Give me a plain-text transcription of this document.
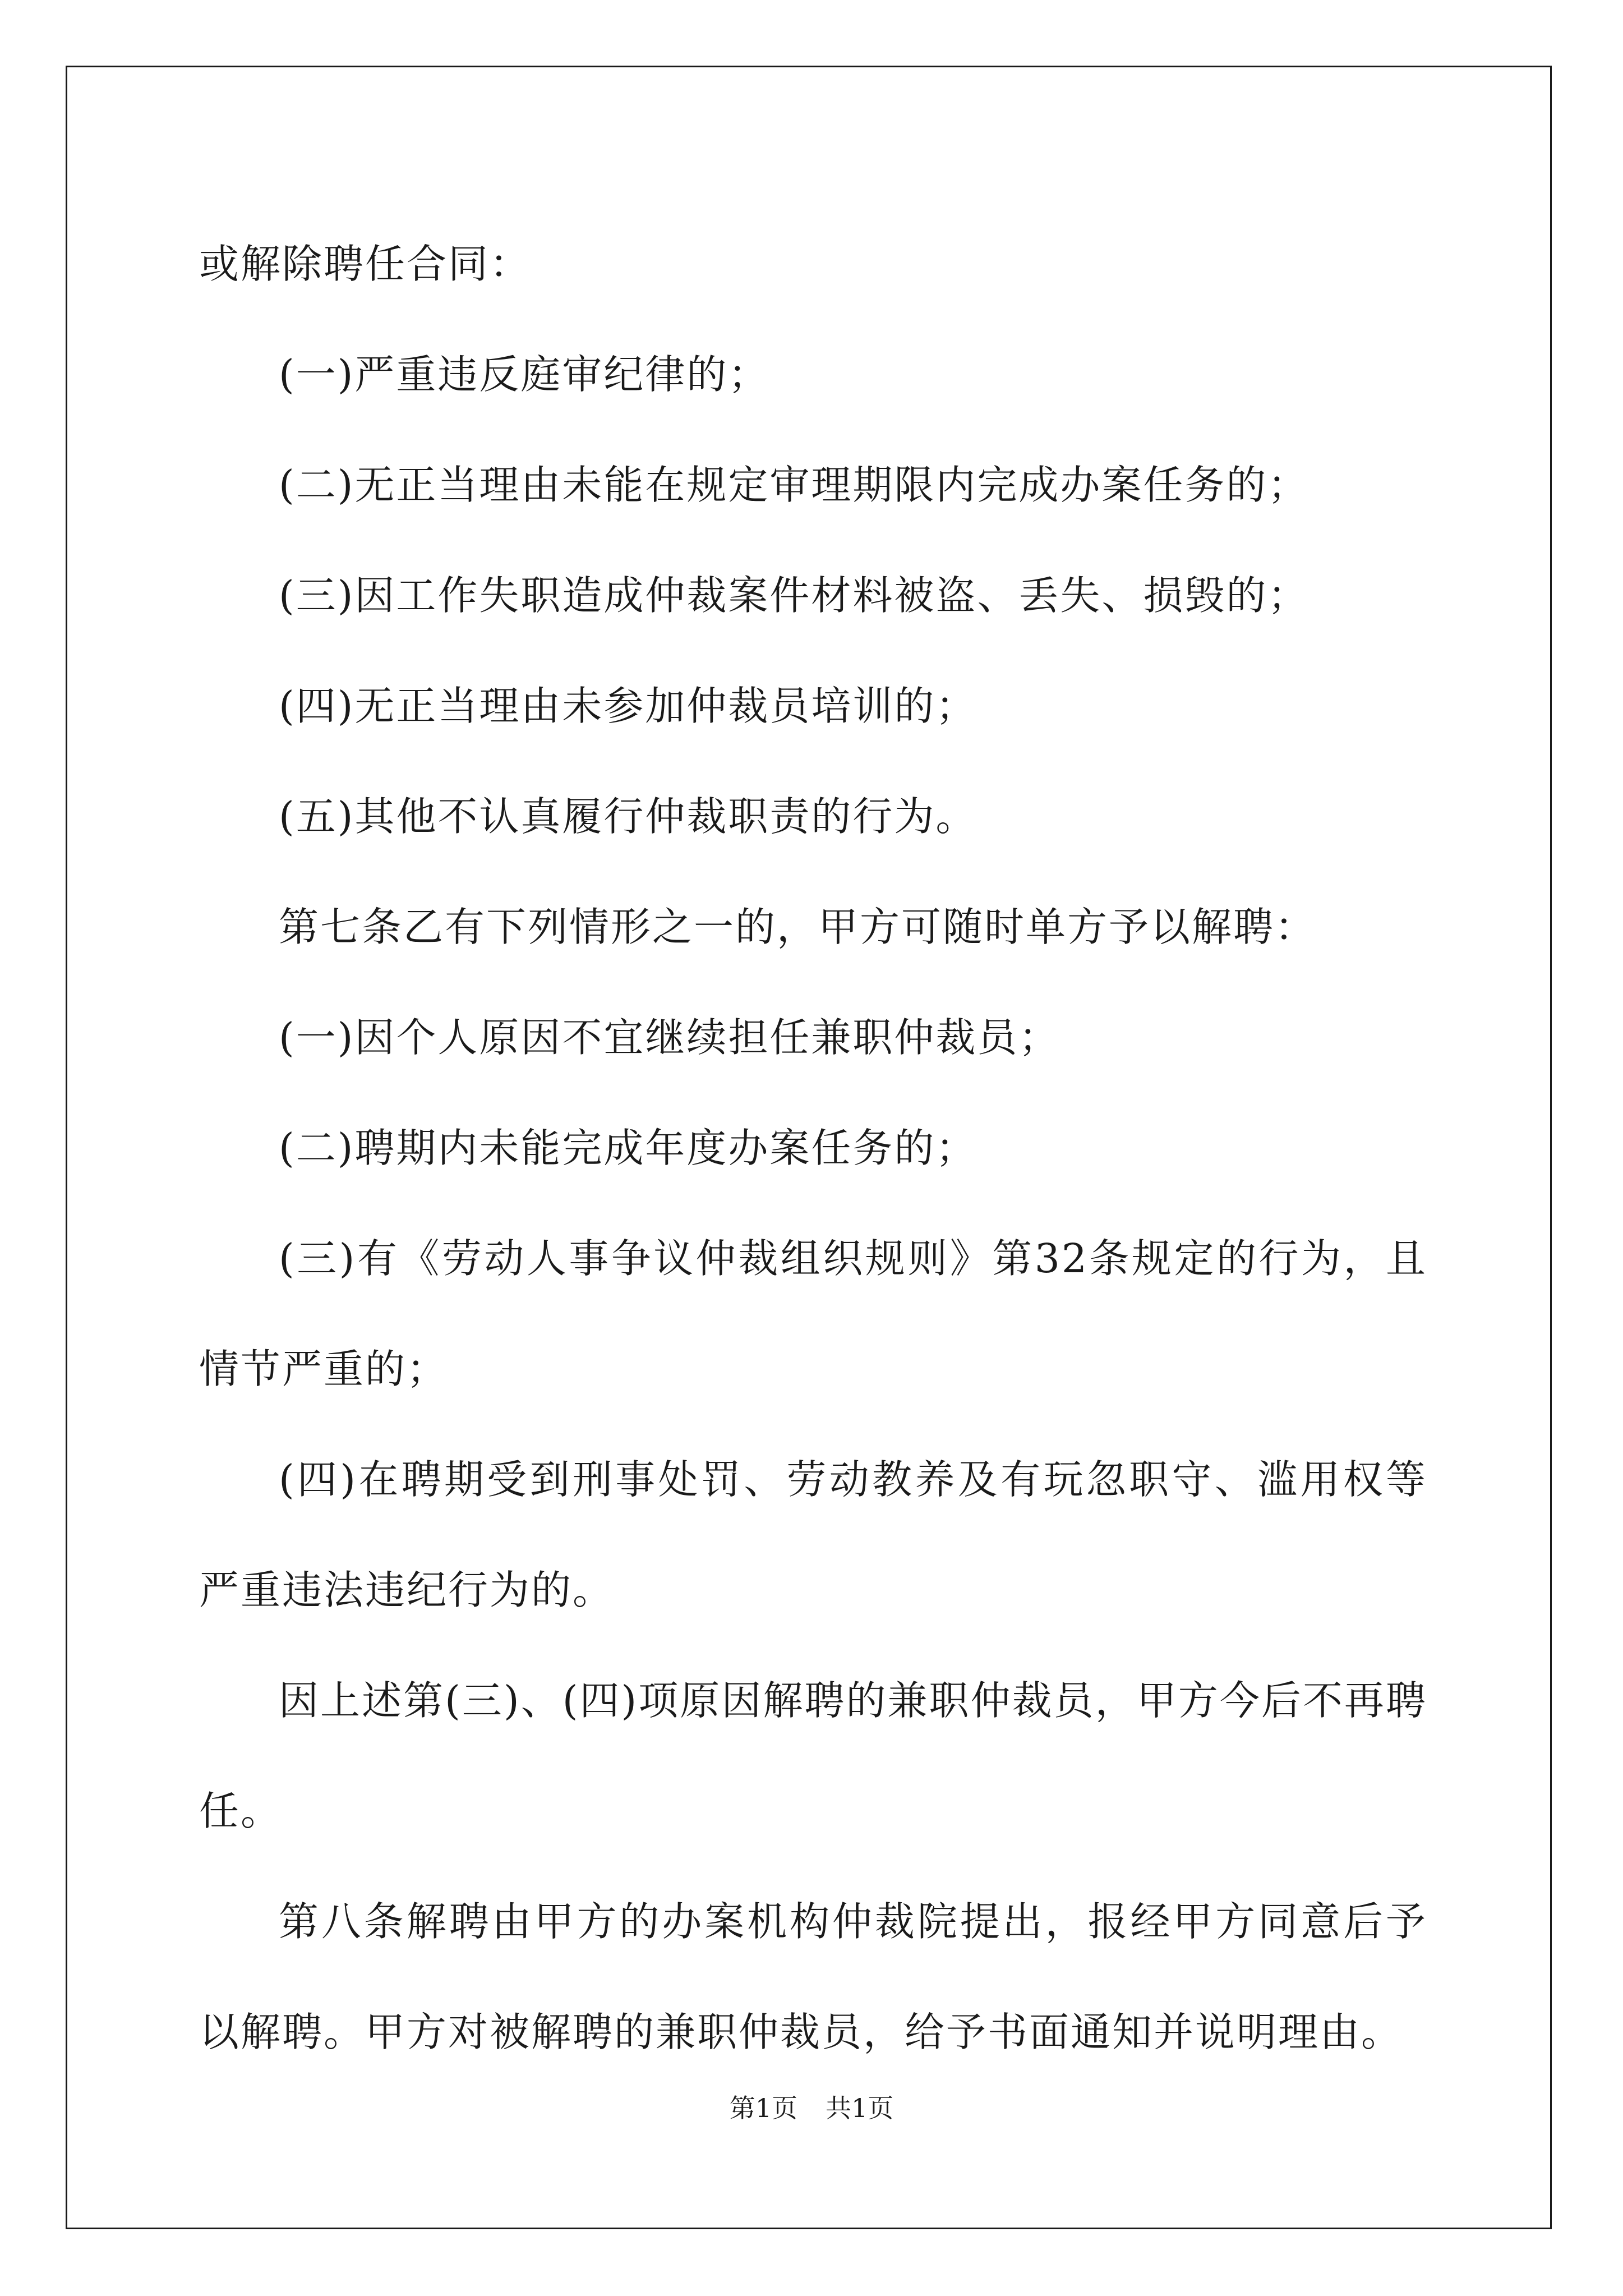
或解除聘任合同：

(一)严重违反庭审纪律的；

(二)无正当理由未能在规定审理期限内完成办案任务的；

(三)因工作失职造成仲裁案件材料被盗、丢失、损毁的；

(四)无正当理由未参加仲裁员培训的；

(五)其他不认真履行仲裁职责的行为。

第七条乙有下列情形之一的，甲方可随时单方予以解聘：

(一)因个人原因不宜继续担任兼职仲裁员；

(二)聘期内未能完成年度办案任务的；

(三)有《劳动人事争议仲裁组织规则》第32条规定的行为，且情节严重的；

(四)在聘期受到刑事处罚、劳动教养及有玩忽职守、滥用权等严重违法违纪行为的。

因上述第(三)、(四)项原因解聘的兼职仲裁员，甲方今后不再聘任。

第八条解聘由甲方的办案机构仲裁院提出，报经甲方同意后予以解聘。甲方对被解聘的兼职仲裁员，给予书面通知并说明理由。

第1页 共1页
